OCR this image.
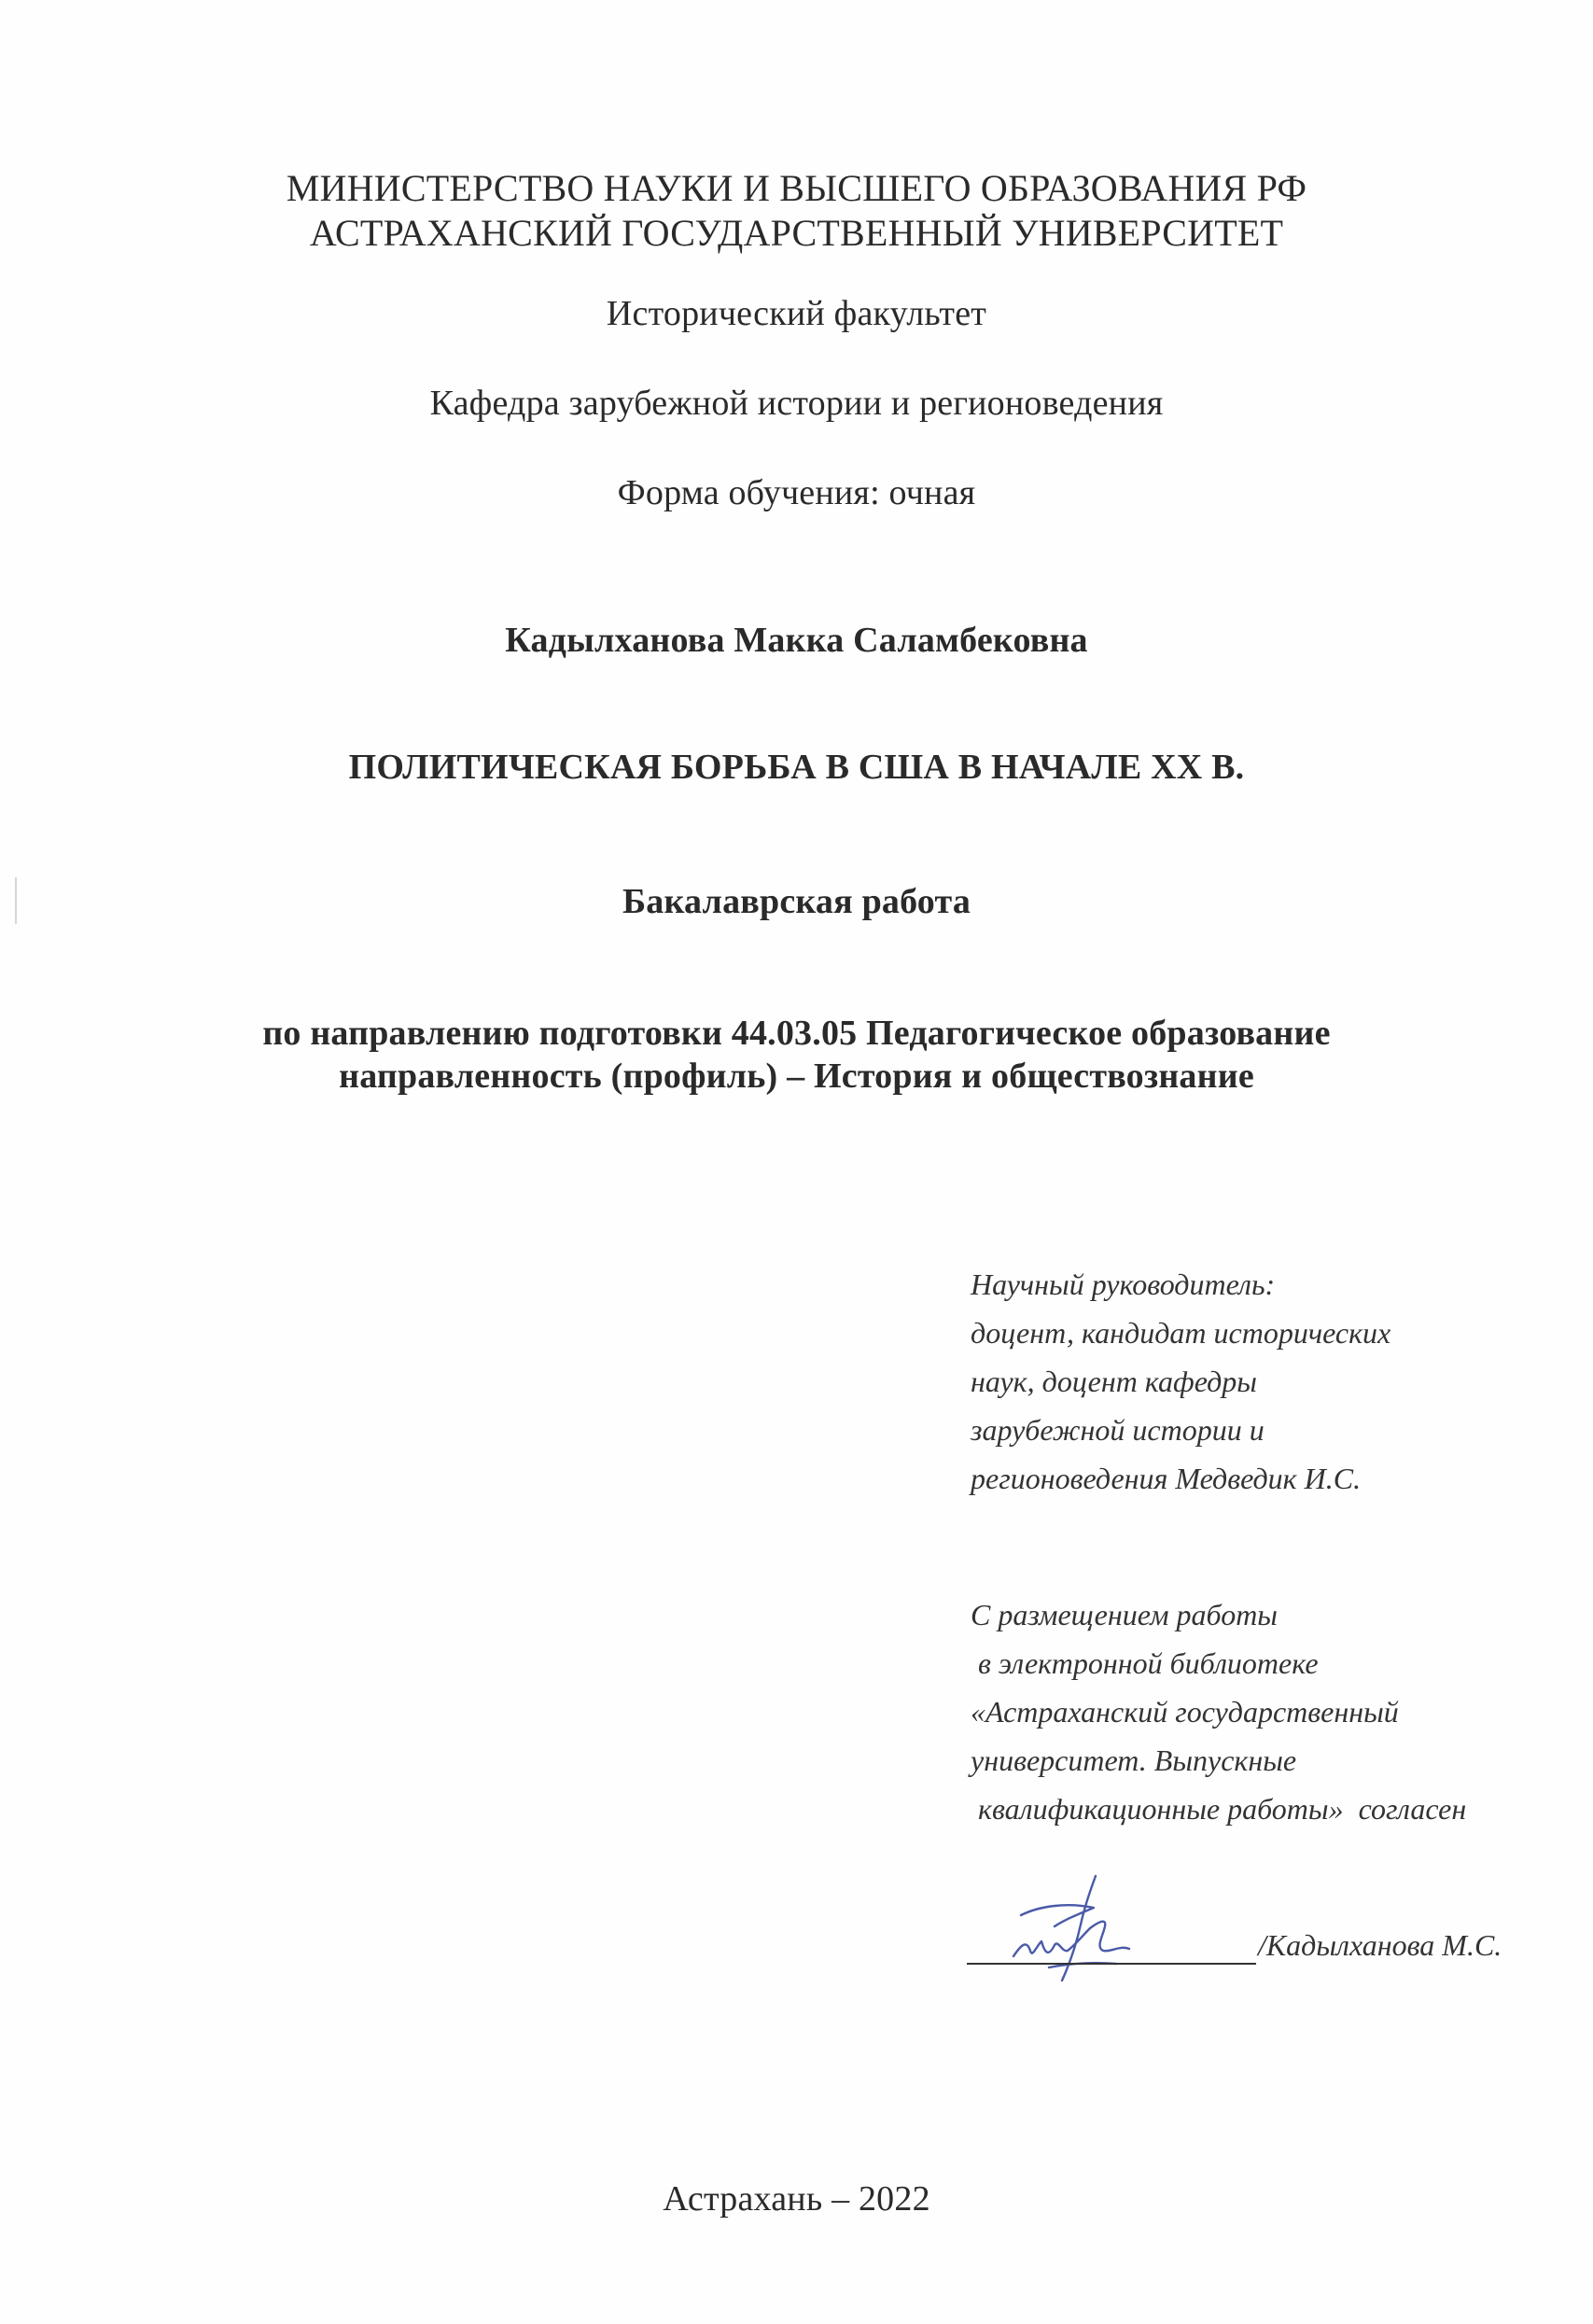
МИНИСТЕРСТВО НАУКИ И ВЫСШЕГО ОБРАЗОВАНИЯ РФ
АСТРАХАНСКИЙ ГОСУДАРСТВЕННЫЙ УНИВЕРСИТЕТ
Исторический факультет
Кафедра зарубежной истории и регионоведения
Форма обучения: очная
Кадылханова Макка Саламбековна
ПОЛИТИЧЕСКАЯ БОРЬБА В США В НАЧАЛЕ XX В.
Бакалаврская работа
по направлению подготовки 44.03.05 Педагогическое образование
направленность (профиль) – История и обществознание
Научный руководитель:
доцент, кандидат исторических
наук, доцент кафедры
зарубежной истории и
регионоведения Медведик И.С.
С размещением работы
в электронной библиотеке
«Астраханский государственный
университет. Выпускные
квалификационные работы»  согласен
/Кадылханова М.С.
Астрахань – 2022
